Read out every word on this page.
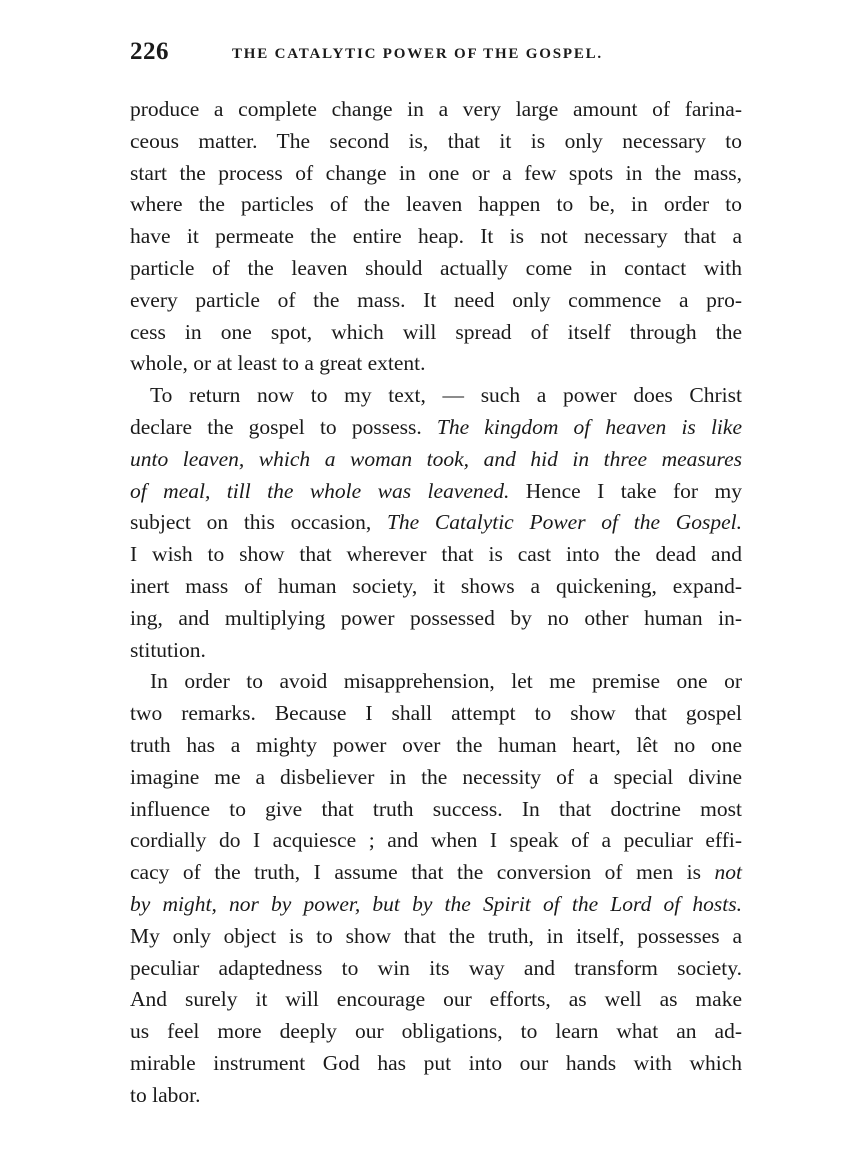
226	THE CATALYTIC POWER OF THE GOSPEL.
produce a complete change in a very large amount of farina-
ceous matter. The second is, that it is only necessary to
start the process of change in one or a few spots in the mass,
where the particles of the leaven happen to be, in order to
have it permeate the entire heap. It is not necessary that a
particle of the leaven should actually come in contact with
every particle of the mass. It need only commence a pro-
cess in one spot, which will spread of itself through the
whole, or at least to a great extent.
To return now to my text, — such a power does Christ
declare the gospel to possess. The kingdom of heaven is like
unto leaven, which a woman took, and hid in three measures
of meal, till the whole was leavened. Hence I take for my
subject on this occasion, The Catalytic Power of the Gospel.
I wish to show that wherever that is cast into the dead and
inert mass of human society, it shows a quickening, expand-
ing, and multiplying power possessed by no other human in-
stitution.
In order to avoid misapprehension, let me premise one or
two remarks. Because I shall attempt to show that gospel
truth has a mighty power over the human heart, lêt no one
imagine me a disbeliever in the necessity of a special divine
influence to give that truth success. In that doctrine most
cordially do I acquiesce ; and when I speak of a peculiar effi-
cacy of the truth, I assume that the conversion of men is not
by might, nor by power, but by the Spirit of the Lord of hosts.
My only object is to show that the truth, in itself, possesses a
peculiar adaptedness to win its way and transform society.
And surely it will encourage our efforts, as well as make
us feel more deeply our obligations, to learn what an ad-
mirable instrument God has put into our hands with which
to labor.
